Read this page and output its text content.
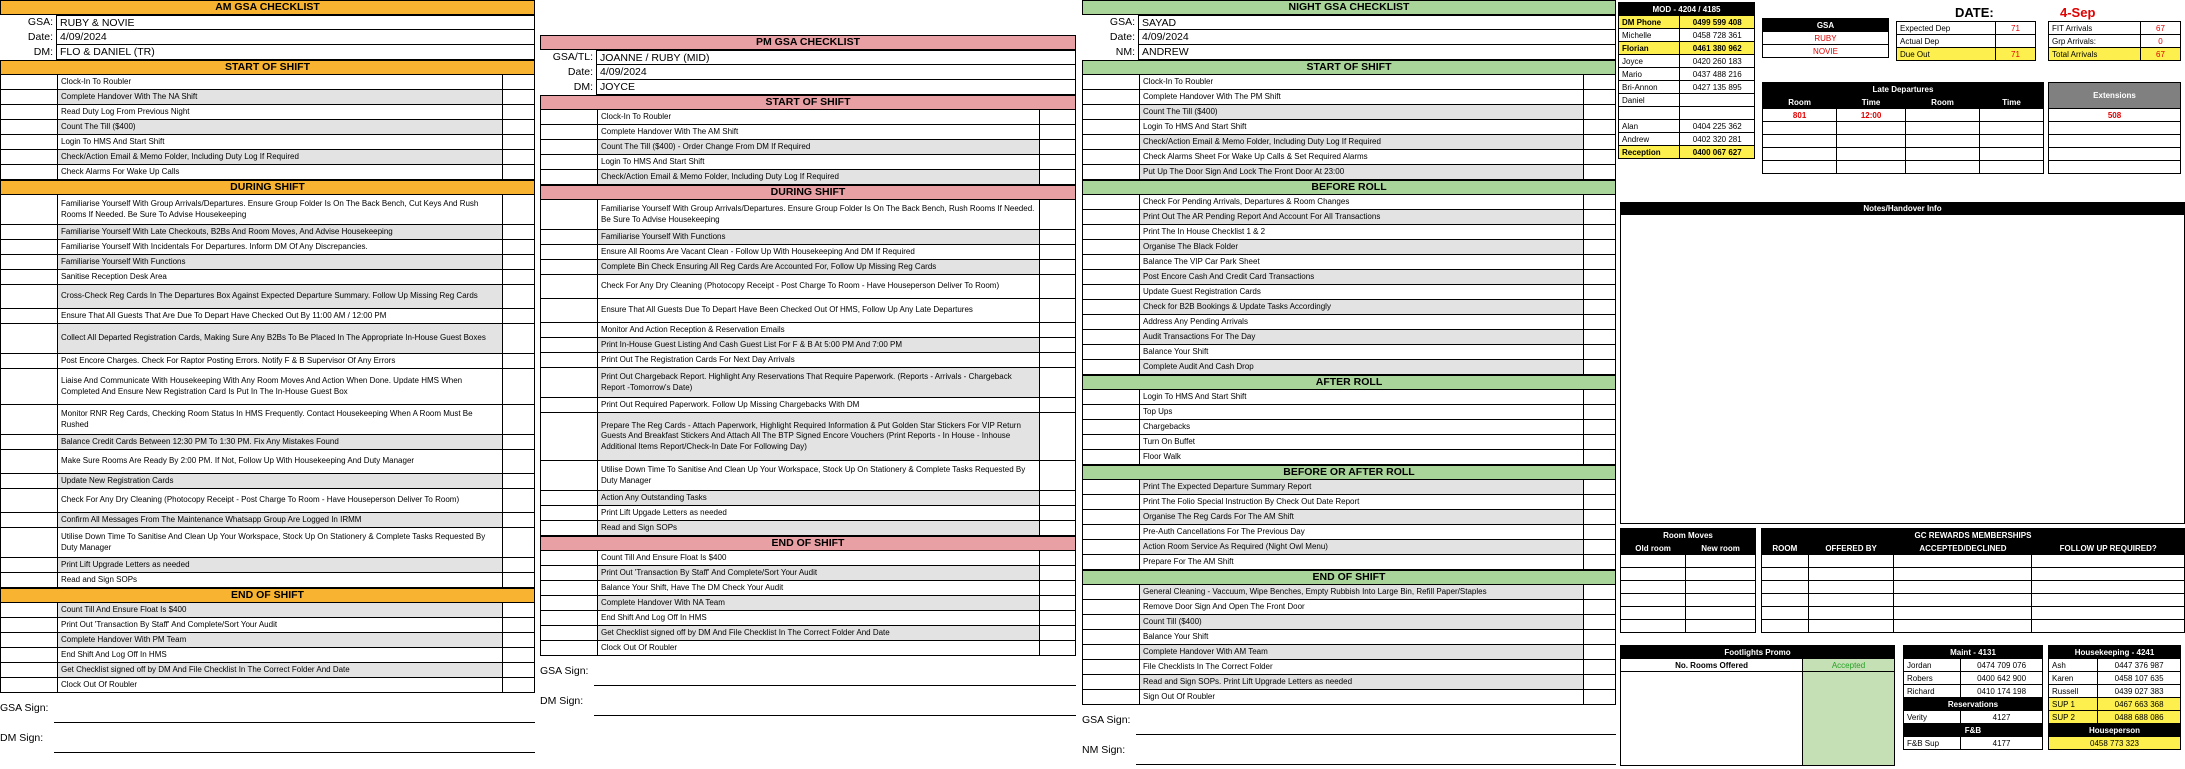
AM GSA CHECKLIST
GSA: RUBY & NOVIE
Date: 4/09/2024
DM: FLO & DANIEL (TR)
START OF SHIFT
Clock-In To Roubler
Complete Handover With The NA Shift
Read Duty Log From Previous Night
Count The Till ($400)
Login To HMS And Start Shift
Check/Action Email & Memo Folder, Including Duty Log If Required
Check Alarms For Wake Up Calls
DURING SHIFT
Familiarise Yourself With Group Arrivals/Departures. Ensure Group Folder Is On The Back Bench, Cut Keys And Rush Rooms If Needed. Be Sure To Advise Housekeeping
Familiarise Yourself With Late Checkouts, B2Bs And Room Moves, And Advise Housekeeping
Familiarise Yourself With Incidentals For Departures. Inform DM Of Any Discrepancies.
Familiarise Yourself With Functions
Sanitise Reception Desk Area
Cross-Check Reg Cards In The Departures Box Against Expected Departure Summary. Follow Up Missing Reg Cards
Ensure That All Guests That Are Due To Depart Have Checked Out By 11:00 AM / 12:00 PM
Collect All Departed Registration Cards, Making Sure Any B2Bs To Be Placed In The Appropriate In-House Guest Boxes
Post Encore Charges. Check For Raptor Posting Errors. Notify F & B Supervisor Of Any Errors
Liaise And Communicate With Housekeeping With Any Room Moves And Action When Done. Update HMS When Completed And Ensure New Registration Card Is Put In The In-House Guest Box
Monitor RNR Reg Cards, Checking Room Status In HMS Frequently. Contact Housekeeping When A Room Must Be Rushed
Balance Credit Cards Between 12:30 PM To 1:30 PM. Fix Any Mistakes Found
Make Sure Rooms Are Ready By 2:00 PM. If Not, Follow Up With Housekeeping And Duty Manager
Update New Registration Cards
Check For Any Dry Cleaning (Photocopy Receipt - Post Charge To Room - Have Houseperson Deliver To Room)
Confirm All Messages From The Maintenance Whatsapp Group Are Logged In IRMM
Utilise Down Time To Sanitise And Clean Up Your Workspace, Stock Up On Stationery & Complete Tasks Requested By Duty Manager
Print Lift Upgrade Letters as needed
Read and Sign SOPs
END OF SHIFT
Count Till And Ensure Float Is $400
Print Out 'Transaction By Staff' And Complete/Sort Your Audit
Complete Handover With PM Team
End Shift And Log Off In HMS
Get Checklist signed off by DM And File Checklist In The Correct Folder And Date
Clock Out Of Roubler
GSA Sign:
DM Sign:
PM GSA CHECKLIST
GSA/TL: JOANNE / RUBY (MID)
Date: 4/09/2024
DM: JOYCE
START OF SHIFT
Clock-In To Roubler
Complete Handover With The AM Shift
Count The Till ($400) - Order Change From DM If Required
Login To HMS And Start Shift
Check/Action Email & Memo Folder, Including Duty Log If Required
DURING SHIFT
Familiarise Yourself With Group Arrivals/Departures. Ensure Group Folder Is On The Back Bench, Rush Rooms If Needed. Be Sure To Advise Housekeeping
Familiarise Yourself With Functions
Ensure All Rooms Are Vacant Clean - Follow Up With Housekeeping And DM If Required
Complete Bin Check Ensuring All Reg Cards Are Accounted For, Follow Up Missing Reg Cards
Check For Any Dry Cleaning (Photocopy Receipt - Post Charge To Room - Have Houseperson Deliver To Room)
Ensure That All Guests Due To Depart Have Been Checked Out Of HMS, Follow Up Any Late Departures
Monitor And Action Reception & Reservation Emails
Print In-House Guest Listing And Cash Guest List For F & B At 5:00 PM And 7:00 PM
Print Out The Registration Cards For Next Day Arrivals
Print Out Chargeback Report. Highlight Any Reservations That Require Paperwork. (Reports - Arrivals - Chargeback Report -Tomorrow's Date)
Print Out Required Paperwork. Follow Up Missing Chargebacks With DM
Prepare The Reg Cards - Attach Paperwork, Highlight Required Information & Put Golden Star Stickers For VIP Return Guests And Breakfast Stickers And Attach All The BTP Signed Encore Vouchers (Print Reports - In House - Inhouse Additional Items Report/Check-In Date For Following Day)
Utilise Down Time To Sanitise And Clean Up Your Workspace, Stock Up On Stationery & Complete Tasks Requested By Duty Manager
Action Any Outstanding Tasks
Print Lift Upgade Letters as needed
Read and Sign SOPs
END OF SHIFT
Count Till And Ensure Float Is $400
Print Out 'Transaction By Staff' And Complete/Sort Your Audit
Balance Your Shift, Have The DM Check Your Audit
Complete Handover With NA Team
End Shift And Log Off In HMS
Get Checklist signed off by DM And File Checklist In The Correct Folder And Date
Clock Out Of Roubler
GSA Sign:
DM Sign:
NIGHT GSA CHECKLIST
GSA: SAYAD
Date: 4/09/2024
NM: ANDREW
START OF SHIFT
Clock-In To Roubler
Complete Handover With The PM Shift
Count The Till ($400)
Login To HMS And Start Shift
Check/Action Email & Memo Folder, Including Duty Log If Required
Check Alarms Sheet For Wake Up Calls & Set Required Alarms
Put Up The Door Sign And Lock The Front Door At 23:00
BEFORE ROLL
Check For Pending Arrivals, Departures & Room Changes
Print Out The AR Pending Report And Account For All Transactions
Print The In House Checklist 1 & 2
Organise The Black Folder
Balance The VIP Car Park Sheet
Post Encore Cash And Credit Card Transactions
Update Guest Registration Cards
Check for B2B Bookings & Update Tasks Accordingly
Address Any Pending Arrivals
Audit Transactions For The Day
Balance Your Shift
Complete Audit And Cash Drop
AFTER ROLL
Login To HMS And Start Shift
Top Ups
Chargebacks
Turn On Buffet
Floor Walk
BEFORE OR AFTER ROLL
Print The Expected Departure Summary Report
Print The Folio Special Instruction By Check Out Date Report
Organise The Reg Cards For The AM Shift
Pre-Auth Cancellations For The Previous Day
Action Room Service As Required (Night Owl Menu)
Prepare For The AM Shift
END OF SHIFT
General Cleaning - Vaccuum, Wipe Benches, Empty Rubbish Into Large Bin, Refill Paper/Staples
Remove Door Sign And Open The Front Door
Count Till ($400)
Balance Your Shift
Complete Handover With AM Team
File Checklists In The Correct Folder
Read and Sign SOPs. Print Lift Upgrade Letters as needed
Sign Out Of Roubler
GSA Sign:
NM Sign:
MOD - 4204 / 4185	
DM Phone	0499 599 408
Michelle	0458 728 361
Florian	0461 380 962
Joyce	0420 260 183
Mario	0437 488 216
Bri-Annon	0427 135 895
Daniel	

Alan	0404 225 362
Andrew	0402 320 281
Reception	0400 067 627
GSA
RUBY
NOVIE
DATE:	4-Sep
Expected Dep	71
Actual Dep	
Due Out	71
FIT Arrivals	67
Grp Arrivals:	0
Total Arrivals	67
Late Departures			
Room	Time	Room	Time
801	12:00		

Extensions
508

Notes/Handover Info
Room Moves	
Old room	New room

GC REWARDS MEMBERSHIPS			
ROOM	OFFERED BY	ACCEPTED/DECLINED	FOLLOW UP REQUIRED?

Footlights Promo	
No. Rooms Offered	Accepted

Maint - 4131	
Jordan	0474 709 076
Robers	0400 642 900
Richard	0410 174 198
Reservations	
Verity	4127
F&B	
F&B Sup	4177
Housekeeping - 4241	
Ash	0447 376 987
Karen	0458 107 635
Russell	0439 027 383
SUP 1	0467 663 368
SUP 2	0488 688 086
Houseperson	
0458 773 323	
